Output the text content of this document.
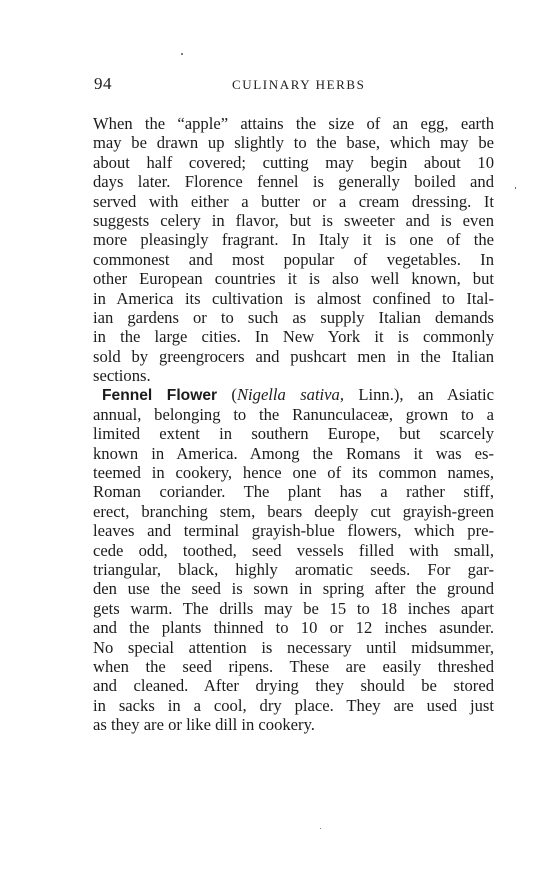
94	CULINARY HERBS
When the “apple” attains the size of an egg, earth
may be drawn up slightly to the base, which may be
about half covered; cutting may begin about 10
days later. Florence fennel is generally boiled and
served with either a butter or a cream dressing. It
suggests celery in flavor, but is sweeter and is even
more pleasingly fragrant. In Italy it is one of the
commonest and most popular of vegetables. In
other European countries it is also well known, but
in America its cultivation is almost confined to Ital-
ian gardens or to such as supply Italian demands
in the large cities. In New York it is commonly
sold by greengrocers and pushcart men in the Italian
sections.
Fennel Flower (Nigella sativa, Linn.), an Asiatic
annual, belonging to the Ranunculaceæ, grown to a
limited extent in southern Europe, but scarcely
known in America. Among the Romans it was es-
teemed in cookery, hence one of its common names,
Roman coriander. The plant has a rather stiff,
erect, branching stem, bears deeply cut grayish-green
leaves and terminal grayish-blue flowers, which pre-
cede odd, toothed, seed vessels filled with small,
triangular, black, highly aromatic seeds. For gar-
den use the seed is sown in spring after the ground
gets warm. The drills may be 15 to 18 inches apart
and the plants thinned to 10 or 12 inches asunder.
No special attention is necessary until midsummer,
when the seed ripens. These are easily threshed
and cleaned. After drying they should be stored
in sacks in a cool, dry place. They are used just
as they are or like dill in cookery.
